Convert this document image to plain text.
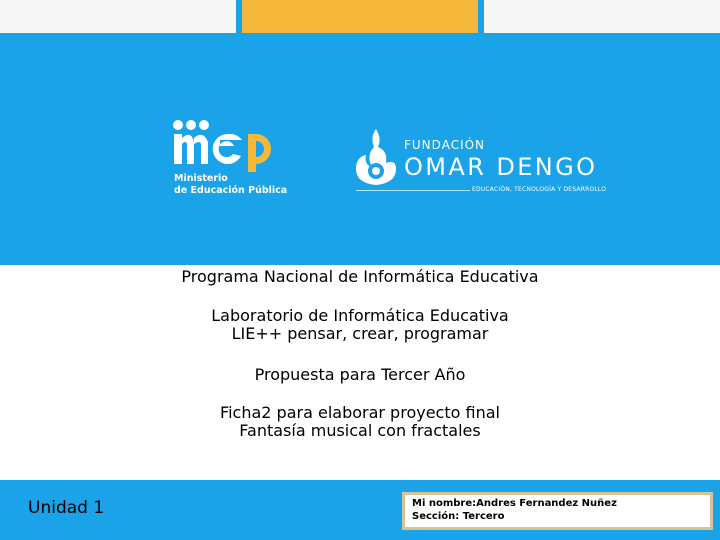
Ministerio
de Educación Pública
FUNDACIÓN
OMAR DENGO
EDUCACIÓN, TECNOLOGÍA Y DESARROLLO
Programa Nacional de Informática Educativa
Laboratorio de Informática Educativa
LIE++ pensar, crear, programar
Propuesta para Tercer Año
Ficha2 para elaborar proyecto final
Fantasía musical con fractales
Unidad 1	Mi nombre:Andres Fernandez Nuñez
Sección: Tercero
